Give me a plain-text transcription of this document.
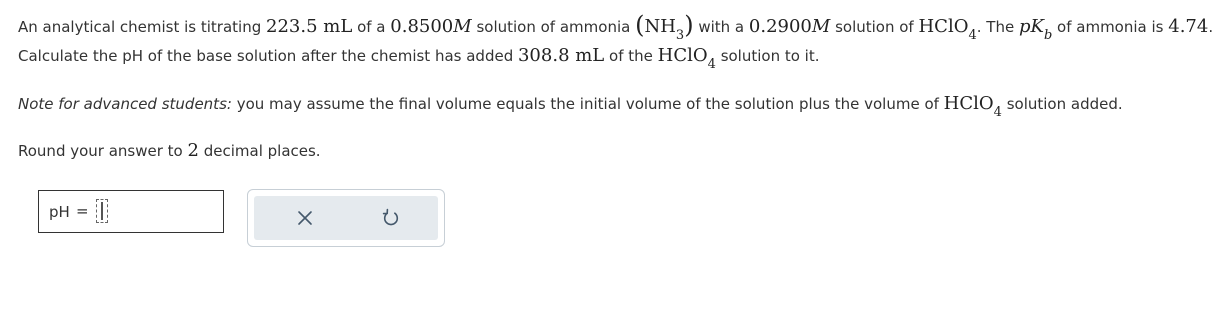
An analytical chemist is titrating 223.5 mL of a 0.8500M solution of ammonia (NH3) with a 0.2900M solution of HClO4. The pKb of ammonia is 4.74.
Calculate the pH of the base solution after the chemist has added 308.8 mL of the HClO4 solution to it.
Note for advanced students: you may assume the final volume equals the initial volume of the solution plus the volume of HClO4 solution added.
Round your answer to 2 decimal places.
pH =
